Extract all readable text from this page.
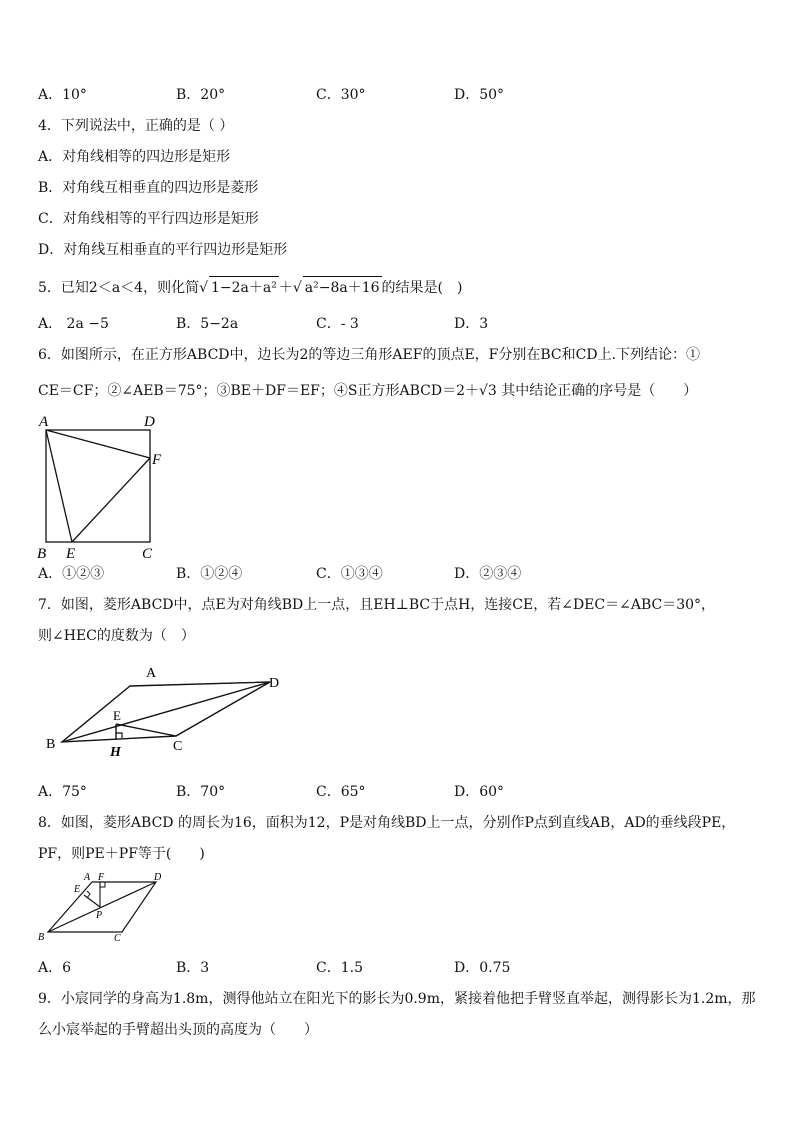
A．10°	B．20°	C．30°	D．50°
4．下列说法中，正确的是（ ）
A．对角线相等的四边形是矩形
B．对角线互相垂直的四边形是菱形
C．对角线相等的平行四边形是矩形
D．对角线互相垂直的平行四边形是矩形
5．已知2＜a＜4，则化简√ 1−2a＋a² ＋√ a²−8a＋16 的结果是(　)
A． 2a −5	B．5−2a	C．- 3	D．3
6．如图所示，在正方形ABCD中，边长为2的等边三角形AEF的顶点E，F分别在BC和CD上.下列结论：①
CE＝CF；②∠AEB＝75°；③BE＋DF＝EF；④S正方形ABCD＝2＋√3 其中结论正确的序号是（　　）
A	D
F
B E	C
A．①②③	B．①②④	C．①③④	D．②③④
7．如图，菱形ABCD中，点E为对角线BD上一点，且EH⊥BC于点H，连接CE，若∠DEC＝∠ABC＝30°，
则∠HEC的度数为（　）
A
D
E
B
H	C
A．75°	B．70°	C．65°	D．60°
8．如图，菱形ABCD 的周长为16，面积为12，P是对角线BD上一点，分别作P点到直线AB，AD的垂线段PE，
PF，则PE＋PF等于(　　)
A F	D
E
P
B	C
A．6	B．3	C．1.5	D．0.75
9．小宸同学的身高为1.8m，测得他站立在阳光下的影长为0.9m，紧接着他把手臂竖直举起，测得影长为1.2m，那
么小宸举起的手臂超出头顶的高度为（　　）
